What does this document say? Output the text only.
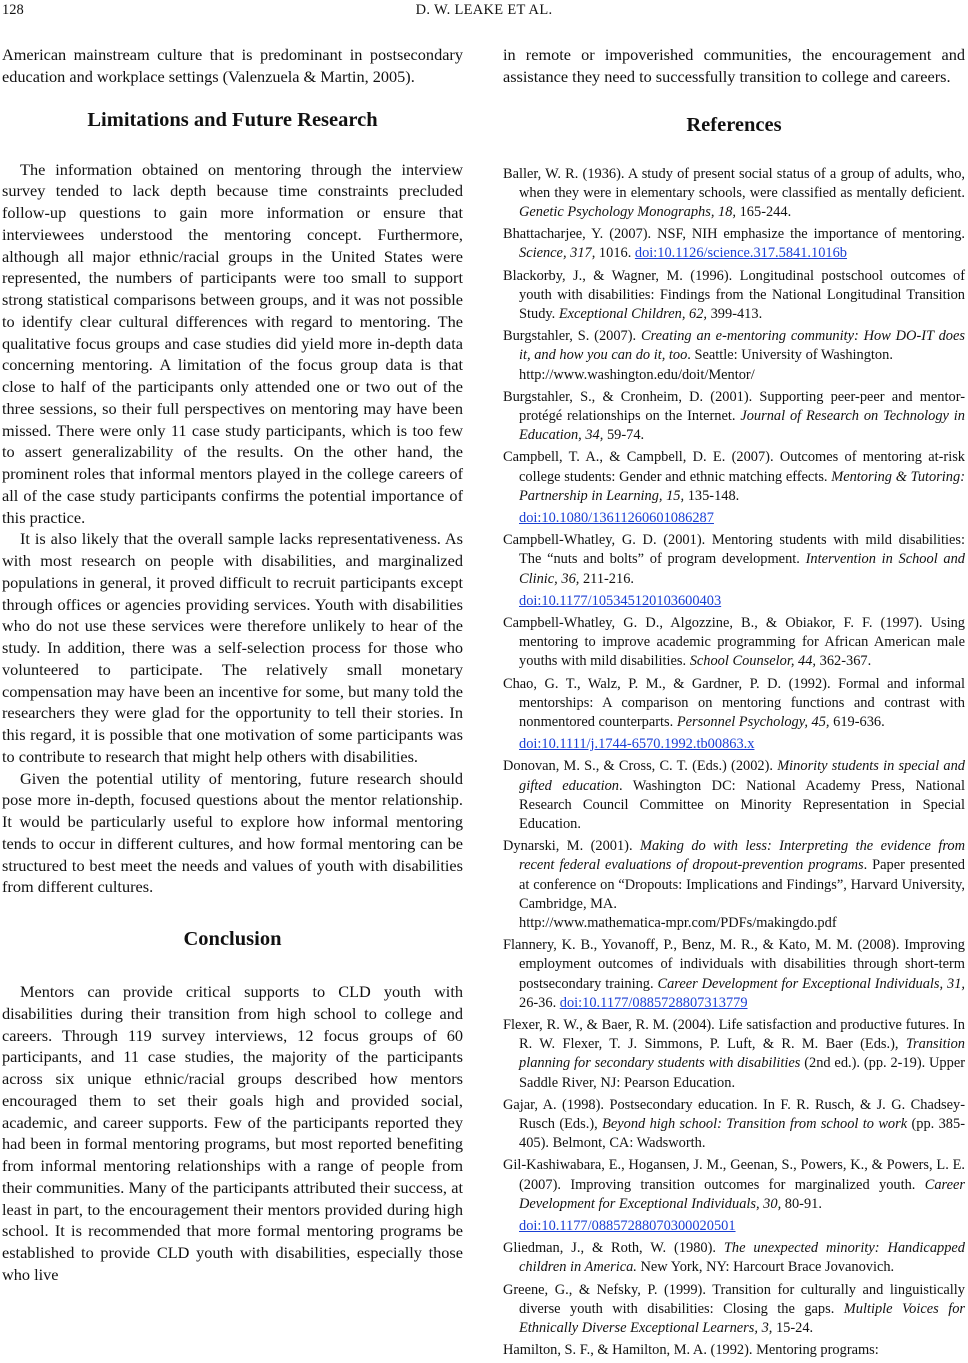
128	D. W. LEAKE ET AL.

American mainstream culture that is predominant in postsecondary education and workplace settings (Valenzuela & Martin, 2005).

Limitations and Future Research

The information obtained on mentoring through the interview survey tended to lack depth because time constraints precluded follow-up questions to gain more information or ensure that interviewees understood the mentoring concept. Furthermore, although all major ethnic/racial groups in the United States were represented, the numbers of participants were too small to support strong statistical comparisons between groups, and it was not possible to identify clear cultural differences with regard to mentoring. The qualitative focus groups and case studies did yield more in-depth data concerning mentoring. A limitation of the focus group data is that close to half of the participants only attended one or two out of the three sessions, so their full perspectives on mentoring may have been missed. There were only 11 case study participants, which is too few to assert generalizability of the results. On the other hand, the prominent roles that informal mentors played in the college careers of all of the case study participants confirms the potential importance of this practice.

It is also likely that the overall sample lacks representativeness. As with most research on people with disabilities, and marginalized populations in general, it proved difficult to recruit participants except through offices or agencies providing services. Youth with disabilities who do not use these services were therefore unlikely to hear of the study. In addition, there was a self-selection process for those who volunteered to participate. The relatively small monetary compensation may have been an incentive for some, but many told the researchers they were glad for the opportunity to tell their stories. In this regard, it is possible that one motivation of some participants was to contribute to research that might help others with disabilities.

Given the potential utility of mentoring, future research should pose more in-depth, focused questions about the mentor relationship. It would be particularly useful to explore how informal mentoring tends to occur in different cultures, and how formal mentoring can be structured to best meet the needs and values of youth with disabilities from different cultures.

Conclusion

Mentors can provide critical supports to CLD youth with disabilities during their transition from high school to college and careers. Through 119 survey interviews, 12 focus groups of 60 participants, and 11 case studies, the majority of the participants across six unique ethnic/racial groups described how mentors encouraged them to set their goals high and provided social, academic, and career supports. Few of the participants reported they had been in formal mentoring programs, but most reported benefiting from informal mentoring relationships with a range of people from their communities. Many of the participants attributed their success, at least in part, to the encouragement their mentors provided during high school. It is recommended that more formal mentoring programs be established to provide CLD youth with disabilities, especially those who live

in remote or impoverished communities, the encouragement and assistance they need to successfully transition to college and careers.

References

Baller, W. R. (1936). A study of present social status of a group of adults, who, when they were in elementary schools, were classified as mentally deficient. Genetic Psychology Monographs, 18, 165-244.

Bhattacharjee, Y. (2007). NSF, NIH emphasize the importance of mentoring. Science, 317, 1016. doi:10.1126/science.317.5841.1016b

Blackorby, J., & Wagner, M. (1996). Longitudinal postschool outcomes of youth with disabilities: Findings from the National Longitudinal Transition Study. Exceptional Children, 62, 399-413.

Burgstahler, S. (2007). Creating an e-mentoring community: How DO-IT does it, and how you can do it, too. Seattle: University of Washington.
http://www.washington.edu/doit/Mentor/

Burgstahler, S., & Cronheim, D. (2001). Supporting peer-peer and mentor-protégé relationships on the Internet. Journal of Research on Technology in Education, 34, 59-74.

Campbell, T. A., & Campbell, D. E. (2007). Outcomes of mentoring at-risk college students: Gender and ethnic matching effects. Mentoring & Tutoring: Partnership in Learning, 15, 135-148.
doi:10.1080/13611260601086287

Campbell-Whatley, G. D. (2001). Mentoring students with mild disabilities: The “nuts and bolts” of program development. Intervention in School and Clinic, 36, 211-216.
doi:10.1177/105345120103600403

Campbell-Whatley, G. D., Algozzine, B., & Obiakor, F. F. (1997). Using mentoring to improve academic programming for African American male youths with mild disabilities. School Counselor, 44, 362-367.

Chao, G. T., Walz, P. M., & Gardner, P. D. (1992). Formal and informal mentorships: A comparison on mentoring functions and contrast with nonmentored counterparts. Personnel Psychology, 45, 619-636.
doi:10.1111/j.1744-6570.1992.tb00863.x

Donovan, M. S., & Cross, C. T. (Eds.) (2002). Minority students in special and gifted education. Washington DC: National Academy Press, National Research Council Committee on Minority Representation in Special Education.

Dynarski, M. (2001). Making do with less: Interpreting the evidence from recent federal evaluations of dropout-prevention programs. Paper presented at conference on “Dropouts: Implications and Findings”, Harvard University, Cambridge, MA.
http://www.mathematica-mpr.com/PDFs/makingdo.pdf

Flannery, K. B., Yovanoff, P., Benz, M. R., & Kato, M. M. (2008). Improving employment outcomes of individuals with disabilities through short-term postsecondary training. Career Development for Exceptional Individuals, 31, 26-36. doi:10.1177/0885728807313779

Flexer, R. W., & Baer, R. M. (2004). Life satisfaction and productive futures. In R. W. Flexer, T. J. Simmons, P. Luft, & R. M. Baer (Eds.), Transition planning for secondary students with disabilities (2nd ed.). (pp. 2-19). Upper Saddle River, NJ: Pearson Education.

Gajar, A. (1998). Postsecondary education. In F. R. Rusch, & J. G. Chadsey-Rusch (Eds.), Beyond high school: Transition from school to work (pp. 385-405). Belmont, CA: Wadsworth.

Gil-Kashiwabara, E., Hogansen, J. M., Geenan, S., Powers, K., & Powers, L. E. (2007). Improving transition outcomes for marginalized youth. Career Development for Exceptional Individuals, 30, 80-91.
doi:10.1177/08857288070300020501

Gliedman, J., & Roth, W. (1980). The unexpected minority: Handicapped children in America. New York, NY: Harcourt Brace Jovanovich.

Greene, G., & Nefsky, P. (1999). Transition for culturally and linguistically diverse youth with disabilities: Closing the gaps. Multiple Voices for Ethnically Diverse Exceptional Learners, 3, 15-24.

Hamilton, S. F., & Hamilton, M. A. (1992). Mentoring programs:
